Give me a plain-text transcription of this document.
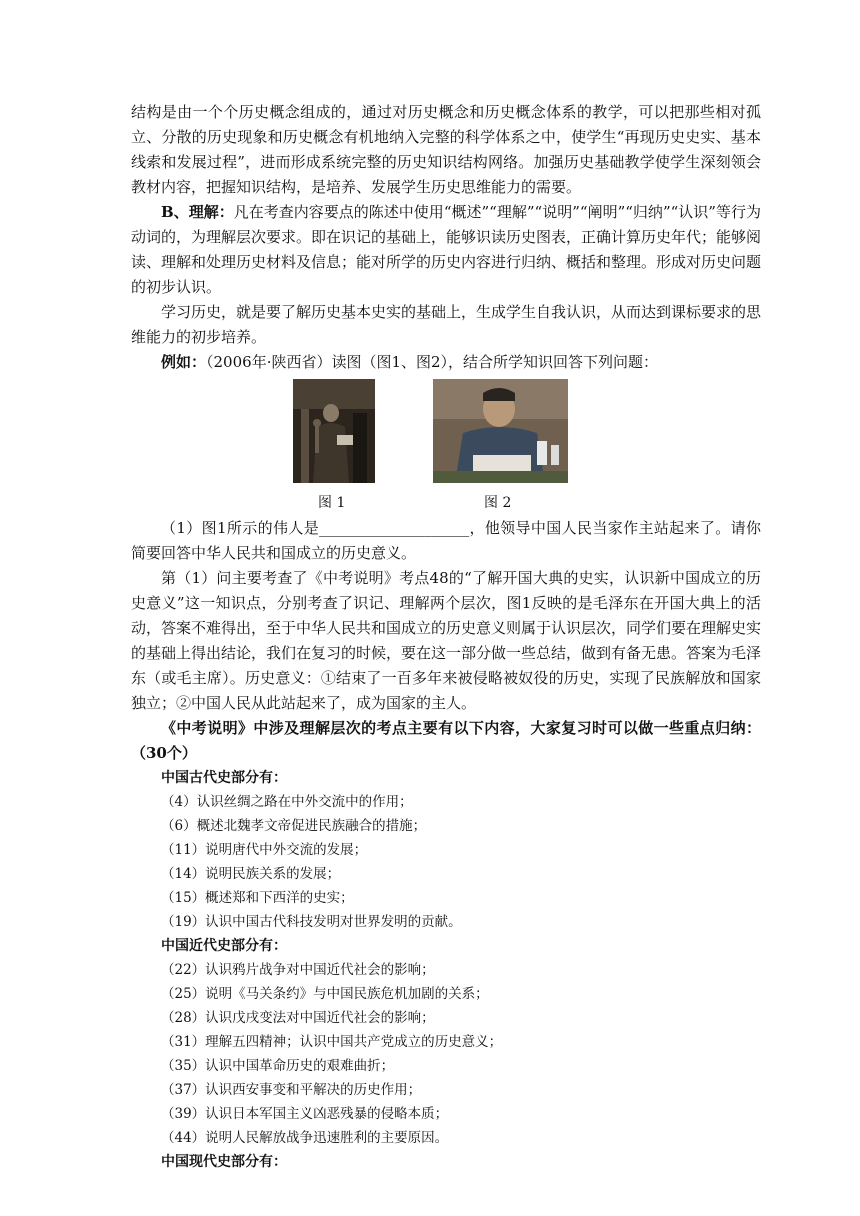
结构是由一个个历史概念组成的，通过对历史概念和历史概念体系的教学，可以把那些相对孤立、分散的历史现象和历史概念有机地纳入完整的科学体系之中，使学生“再现历史史实、基本线索和发展过程”，进而形成系统完整的历史知识结构网络。加强历史基础教学使学生深刻领会教材内容，把握知识结构，是培养、发展学生历史思维能力的需要。

B、理解：凡在考查内容要点的陈述中使用“概述”“理解”“说明”“阐明”“归纳”“认识”等行为动词的，为理解层次要求。即在识记的基础上，能够识读历史图表，正确计算历史年代；能够阅读、理解和处理历史材料及信息；能对所学的历史内容进行归纳、概括和整理。形成对历史问题的初步认识。

学习历史，就是要了解历史基本史实的基础上，生成学生自我认识，从而达到课标要求的思维能力的初步培养。

例如：（2006年·陕西省）读图（图1、图2），结合所学知识回答下列问题：

图 1	图 2

（1）图1所示的伟人是____________________，他领导中国人民当家作主站起来了。请你简要回答中华人民共和国成立的历史意义。

第（1）问主要考查了《中考说明》考点48的“了解开国大典的史实，认识新中国成立的历史意义”这一知识点，分别考查了识记、理解两个层次，图1反映的是毛泽东在开国大典上的活动，答案不难得出，至于中华人民共和国成立的历史意义则属于认识层次，同学们要在理解史实的基础上得出结论，我们在复习的时候，要在这一部分做一些总结，做到有备无患。答案为毛泽东（或毛主席）。历史意义：①结束了一百多年来被侵略被奴役的历史，实现了民族解放和国家独立；②中国人民从此站起来了，成为国家的主人。

《中考说明》中涉及理解层次的考点主要有以下内容，大家复习时可以做一些重点归纳：（30个）

中国古代史部分有：
（4）认识丝绸之路在中外交流中的作用；
（6）概述北魏孝文帝促进民族融合的措施；
（11）说明唐代中外交流的发展；
（14）说明民族关系的发展；
（15）概述郑和下西洋的史实；
（19）认识中国古代科技发明对世界发明的贡献。
中国近代史部分有：
（22）认识鸦片战争对中国近代社会的影响；
（25）说明《马关条约》与中国民族危机加剧的关系；
（28）认识戊戌变法对中国近代社会的影响；
（31）理解五四精神；认识中国共产党成立的历史意义；
（35）认识中国革命历史的艰难曲折；
（37）认识西安事变和平解决的历史作用；
（39）认识日本军国主义凶恶残暴的侵略本质；
（44）说明人民解放战争迅速胜利的主要原因。
中国现代史部分有：
